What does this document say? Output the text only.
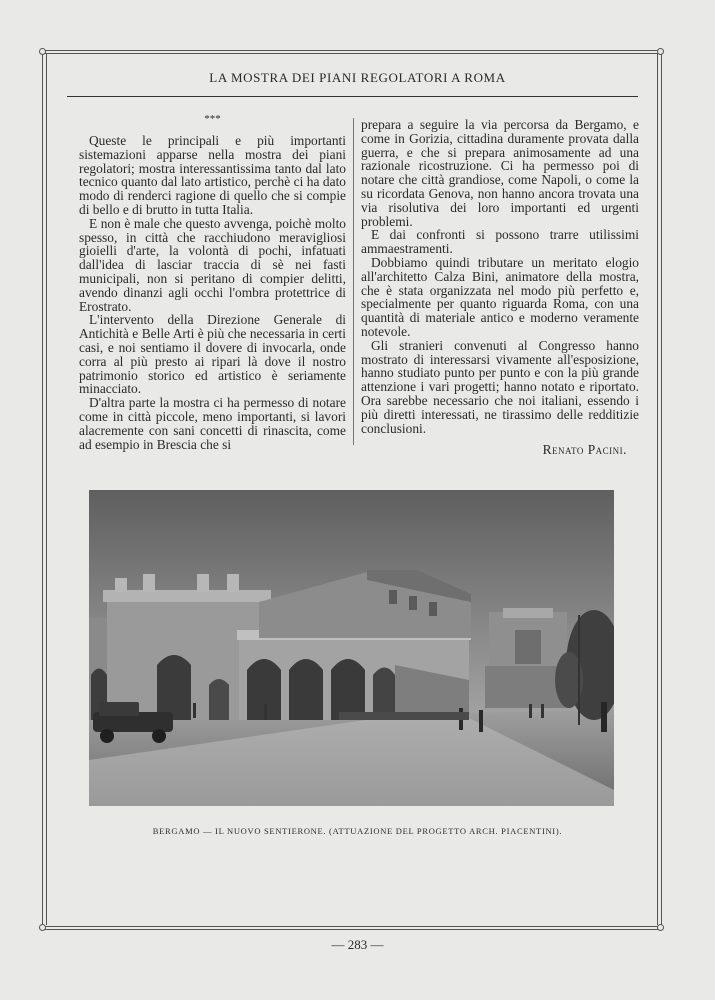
LA MOSTRA DEI PIANI REGOLATORI A ROMA

***

Queste le principali e più importanti sistemazioni apparse nella mostra dei piani regolatori; mostra interessantissima tanto dal lato tecnico quanto dal lato artistico, perchè ci ha dato modo di renderci ragione di quello che si compie di bello e di brutto in tutta Italia.

E non è male che questo avvenga, poichè molto spesso, in città che racchiudono meravigliosi gioielli d'arte, la volontà di pochi, infatuati dall'idea di lasciar traccia di sè nei fasti municipali, non si peritano di compier delitti, avendo dinanzi agli occhi l'ombra protettrice di Erostrato.

L'intervento della Direzione Generale di Antichità e Belle Arti è più che necessaria in certi casi, e noi sentiamo il dovere di invocarla, onde corra al più presto ai ripari là dove il nostro patrimonio storico ed artistico è seriamente minacciato.

D'altra parte la mostra ci ha permesso di notare come in città piccole, meno importanti, si lavori alacremente con sani concetti di rinascita, come ad esempio in Brescia che si

prepara a seguire la via percorsa da Bergamo, e come in Gorizia, cittadina duramente provata dalla guerra, e che si prepara animosamente ad una razionale ricostruzione. Ci ha permesso poi di notare che città grandiose, come Napoli, o come la su ricordata Genova, non hanno ancora trovata una via risolutiva dei loro importanti ed urgenti problemi.

E dai confronti si possono trarre utilissimi ammaestramenti.

Dobbiamo quindi tributare un meritato elogio all'architetto Calza Bini, animatore della mostra, che è stata organizzata nel modo più perfetto e, specialmente per quanto riguarda Roma, con una quantità di materiale antico e moderno veramente notevole.

Gli stranieri convenuti al Congresso hanno mostrato di interessarsi vivamente all'esposizione, hanno studiato punto per punto e con la più grande attenzione i vari progetti; hanno notato e riportato. Ora sarebbe necessario che noi italiani, essendo i più diretti interessati, ne tirassimo delle redditizie conclusioni.

Renato Pacini.

BERGAMO — IL NUOVO SENTIERONE. (ATTUAZIONE DEL PROGETTO ARCH. PIACENTINI).
— 283 —
